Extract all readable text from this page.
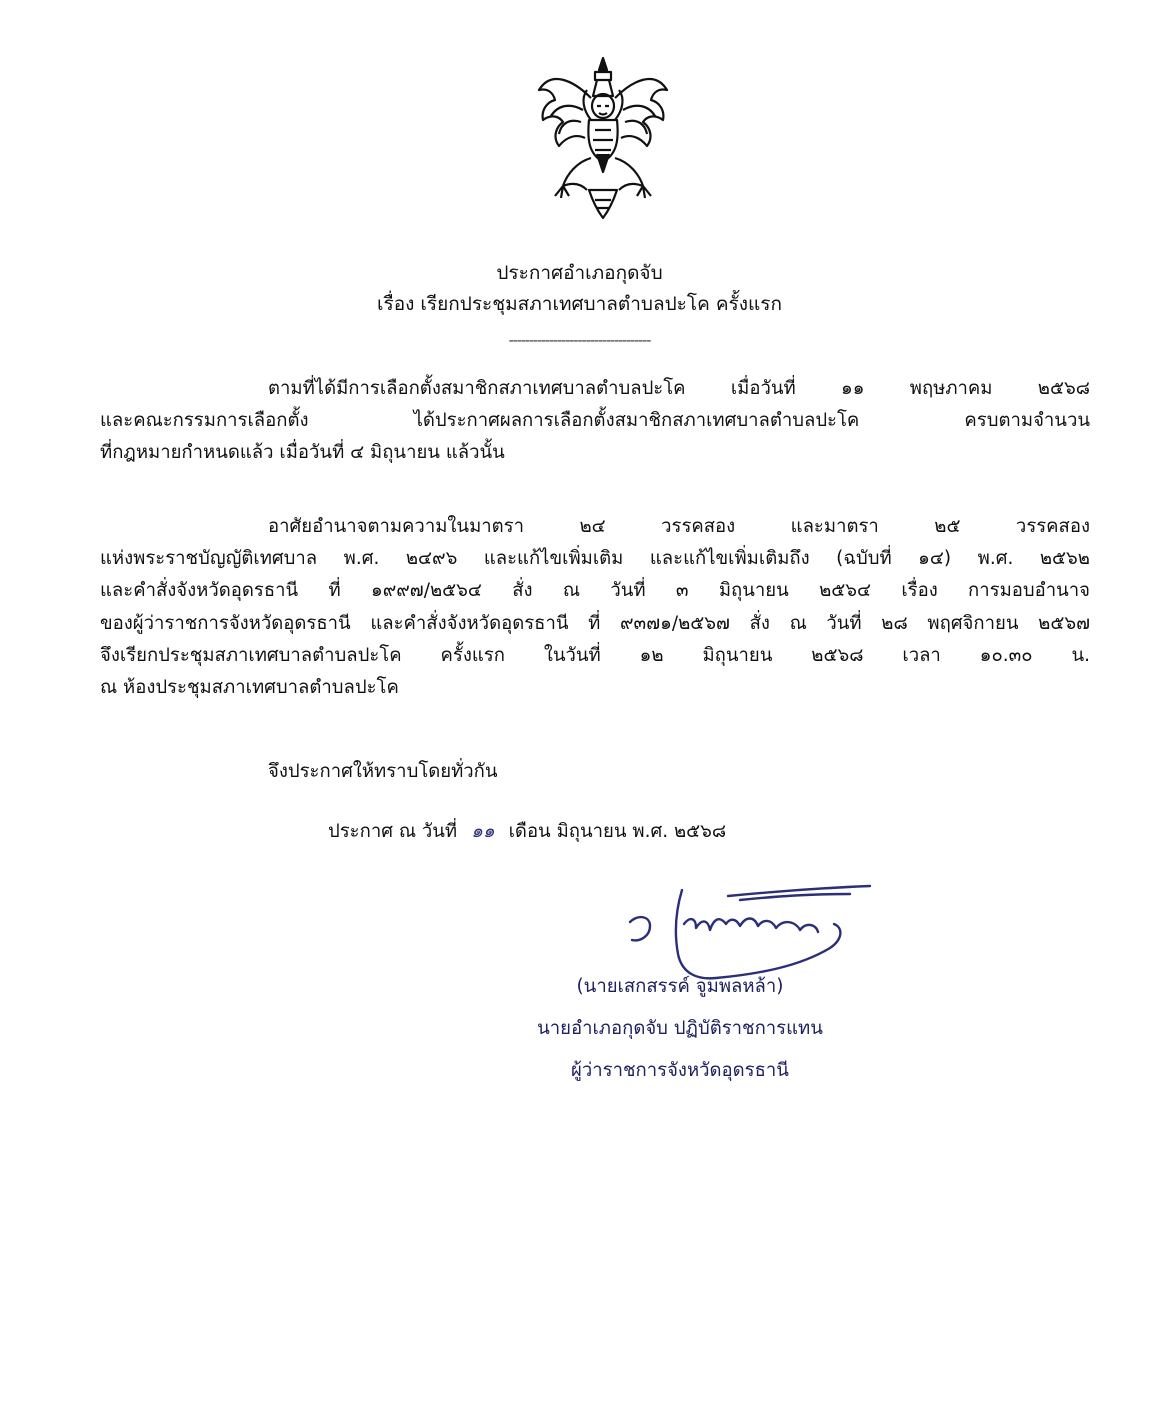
ประกาศอำเภอกุดจับ
เรื่อง เรียกประชุมสภาเทศบาลตำบลปะโค ครั้งแรก
-----------------------------------
ตามที่ได้มีการเลือกตั้งสมาชิกสภาเทศบาลตำบลปะโค เมื่อวันที่ ๑๑ พฤษภาคม ๒๕๖๘
และคณะกรรมการเลือกตั้ง ได้ประกาศผลการเลือกตั้งสมาชิกสภาเทศบาลตำบลปะโค ครบตามจำนวน
ที่กฎหมายกำหนดแล้ว เมื่อวันที่ ๔ มิถุนายน แล้วนั้น
อาศัยอำนาจตามความในมาตรา ๒๔ วรรคสอง และมาตรา ๒๕ วรรคสอง
แห่งพระราชบัญญัติเทศบาล พ.ศ. ๒๔๙๖ และแก้ไขเพิ่มเติม และแก้ไขเพิ่มเติมถึง (ฉบับที่ ๑๔) พ.ศ. ๒๕๖๒
และคำสั่งจังหวัดอุดรธานี ที่ ๑๙๙๗/๒๕๖๔ สั่ง ณ วันที่ ๓ มิถุนายน ๒๕๖๔ เรื่อง การมอบอำนาจ
ของผู้ว่าราชการจังหวัดอุดรธานี และคำสั่งจังหวัดอุดรธานี ที่ ๙๓๗๑/๒๕๖๗ สั่ง ณ วันที่ ๒๘ พฤศจิกายน ๒๕๖๗
จึงเรียกประชุมสภาเทศบาลตำบลปะโค ครั้งแรก ในวันที่ ๑๒ มิถุนายน ๒๕๖๘ เวลา ๑๐.๓๐ น.
ณ ห้องประชุมสภาเทศบาลตำบลปะโค
จึงประกาศให้ทราบโดยทั่วกัน
ประกาศ ณ วันที่ ๑๑ เดือน มิถุนายน พ.ศ. ๒๕๖๘
(นายเสกสรรค์ จูมพลหล้า)
นายอำเภอกุดจับ ปฏิบัติราชการแทน
ผู้ว่าราชการจังหวัดอุดรธานี
